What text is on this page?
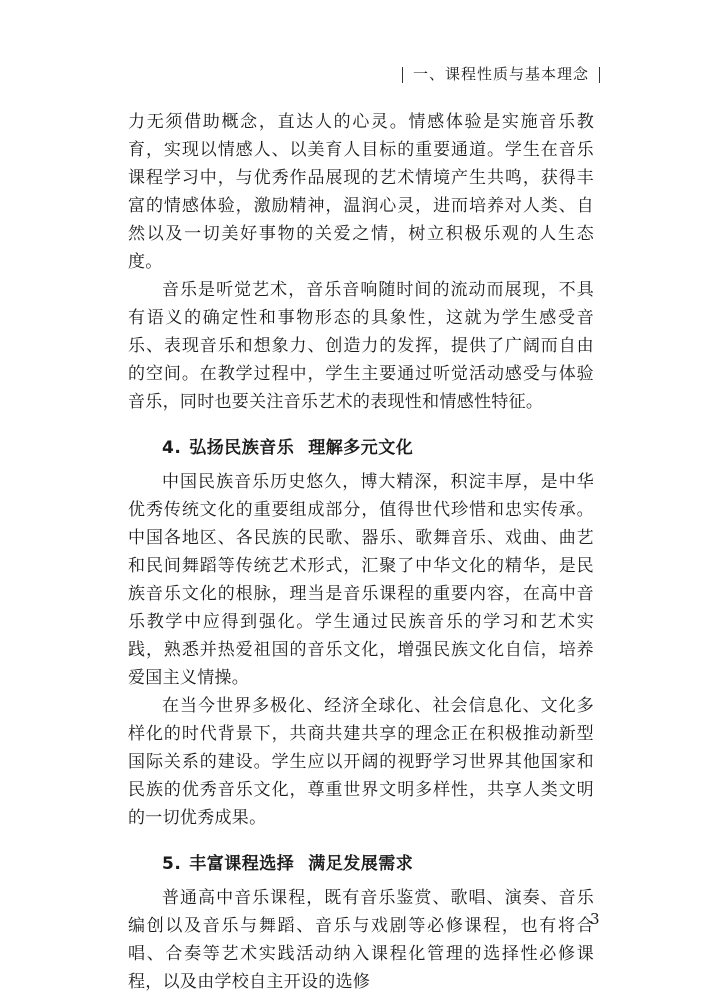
一、课程性质与基本理念

力无须借助概念，直达人的心灵。情感体验是实施音乐教育，实现以情感人、以美育人目标的重要通道。学生在音乐课程学习中，与优秀作品展现的艺术情境产生共鸣，获得丰富的情感体验，激励精神，温润心灵，进而培养对人类、自然以及一切美好事物的关爱之情，树立积极乐观的人生态度。

音乐是听觉艺术，音乐音响随时间的流动而展现，不具有语义的确定性和事物形态的具象性，这就为学生感受音乐、表现音乐和想象力、创造力的发挥，提供了广阔而自由的空间。在教学过程中，学生主要通过听觉活动感受与体验音乐，同时也要关注音乐艺术的表现性和情感性特征。

4. 弘扬民族音乐 理解多元文化

中国民族音乐历史悠久，博大精深，积淀丰厚，是中华优秀传统文化的重要组成部分，值得世代珍惜和忠实传承。中国各地区、各民族的民歌、器乐、歌舞音乐、戏曲、曲艺和民间舞蹈等传统艺术形式，汇聚了中华文化的精华，是民族音乐文化的根脉，理当是音乐课程的重要内容，在高中音乐教学中应得到强化。学生通过民族音乐的学习和艺术实践，熟悉并热爱祖国的音乐文化，增强民族文化自信，培养爱国主义情操。

在当今世界多极化、经济全球化、社会信息化、文化多样化的时代背景下，共商共建共享的理念正在积极推动新型国际关系的建设。学生应以开阔的视野学习世界其他国家和民族的优秀音乐文化，尊重世界文明多样性，共享人类文明的一切优秀成果。

5. 丰富课程选择 满足发展需求

普通高中音乐课程，既有音乐鉴赏、歌唱、演奏、音乐编创以及音乐与舞蹈、音乐与戏剧等必修课程，也有将合唱、合奏等艺术实践活动纳入课程化管理的选择性必修课程，以及由学校自主开设的选修

3
